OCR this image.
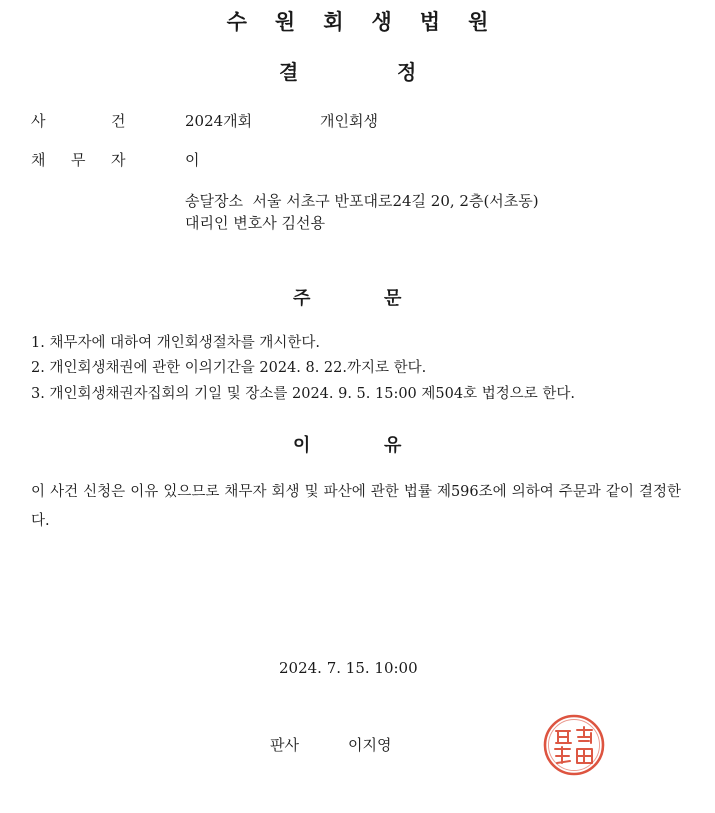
수 원 회 생 법 원
결	정
사	건	2024개회	개인회생
채 무 자	이
송달장소  서울 서초구 반포대로24길 20, 2층(서초동)
대리인 변호사 김선용
주	문
1. 채무자에 대하여 개인회생절차를 개시한다.
2. 개인회생채권에 관한 이의기간을 2024. 8. 22.까지로 한다.
3. 개인회생채권자집회의 기일 및 장소를 2024. 9. 5. 15:00 제504호 법정으로 한다.
이	유
이 사건 신청은 이유 있으므로 채무자 회생 및 파산에 관한 법률 제596조에 의하여 주문과 같이 결정한다.
2024. 7. 15. 10:00
판사	이지영
